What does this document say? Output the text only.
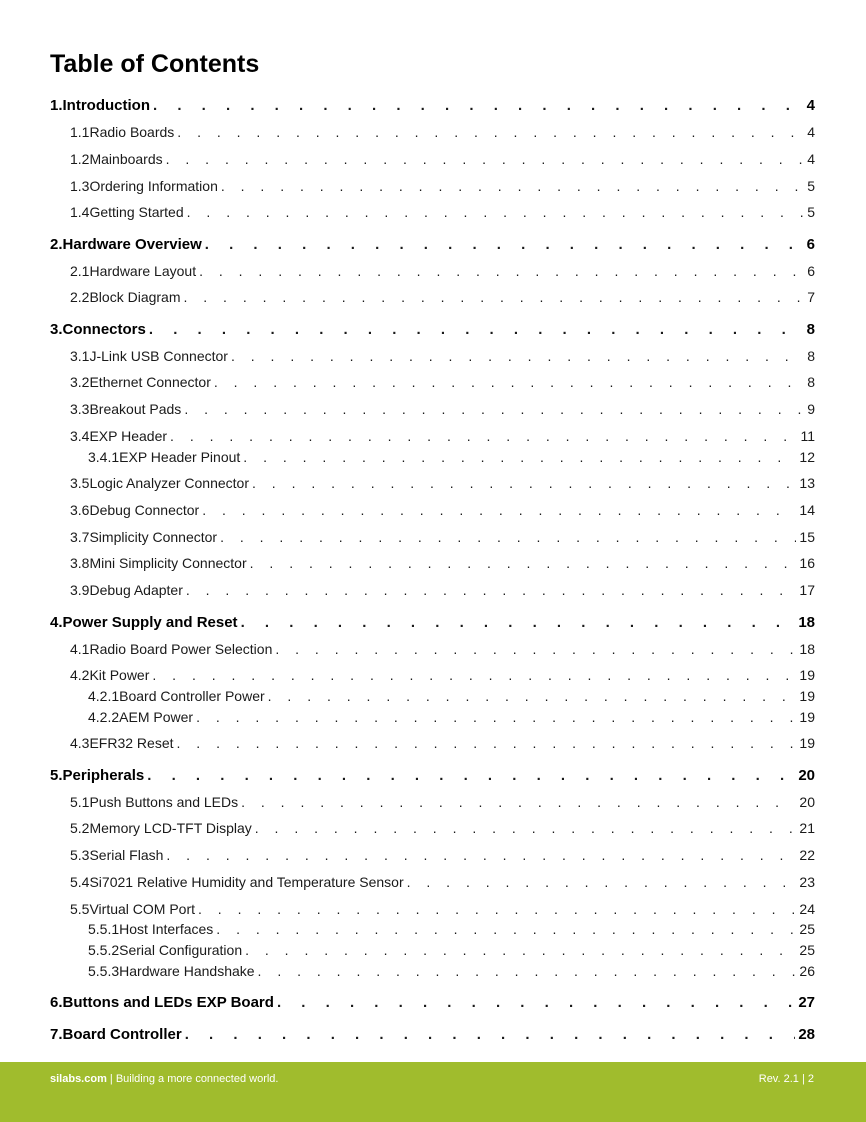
Table of Contents
1. Introduction . . .	4
1.1 Radio Boards . . .	4
1.2 Mainboards . . .	4
1.3 Ordering Information . . .	5
1.4 Getting Started . . .	5
2. Hardware Overview . . .	6
2.1 Hardware Layout . . .	6
2.2 Block Diagram . . .	7
3. Connectors . . .	8
3.1 J-Link USB Connector . . .	8
3.2 Ethernet Connector . . .	8
3.3 Breakout Pads . . .	9
3.4 EXP Header . . .	11
3.4.1 EXP Header Pinout . . .	12
3.5 Logic Analyzer Connector . . .	13
3.6 Debug Connector . . .	14
3.7 Simplicity Connector . . .	15
3.8 Mini Simplicity Connector . . .	16
3.9 Debug Adapter . . .	17
4. Power Supply and Reset . . .	18
4.1 Radio Board Power Selection . . .	18
4.2 Kit Power . . .	19
4.2.1 Board Controller Power . . .	19
4.2.2 AEM Power . . .	19
4.3 EFR32 Reset . . .	19
5. Peripherals . . .	20
5.1 Push Buttons and LEDs . . .	20
5.2 Memory LCD-TFT Display . . .	21
5.3 Serial Flash . . .	22
5.4 Si7021 Relative Humidity and Temperature Sensor . . .	23
5.5 Virtual COM Port . . .	24
5.5.1 Host Interfaces . . .	25
5.5.2 Serial Configuration . . .	25
5.5.3 Hardware Handshake . . .	26
6. Buttons and LEDs EXP Board . . .	27
7. Board Controller . . .	28
silabs.com | Building a more connected world.	Rev. 2.1 | 2
